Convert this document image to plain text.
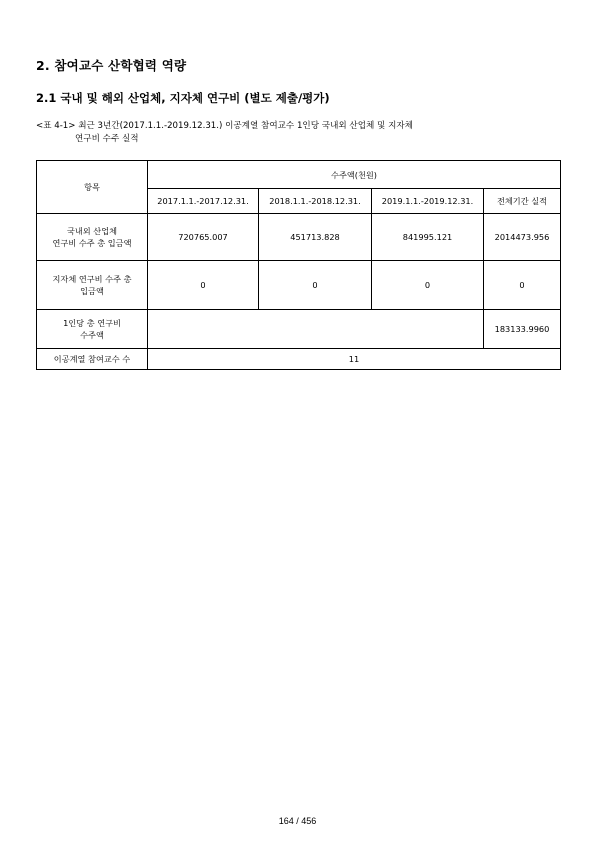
2. 참여교수 산학협력 역량
2.1 국내 및 해외 산업체, 지자체 연구비 (별도 제출/평가)
<표 4-1> 최근 3년간(2017.1.1.-2019.12.31.) 이공계열 참여교수 1인당 국내외 산업체 및 지자체
연구비 수주 실적
항목	수주액(천원)			
	2017.1.1.-2017.12.31.	2018.1.1.-2018.12.31.	2019.1.1.-2019.12.31.	전체기간 실적
국내외 산업체
연구비 수주 총 입금액	720765.007	451713.828	841995.121	2014473.956
지자체 연구비 수주 총
입금액	0	0	0	0
1인당 총 연구비
수주액				183133.9960
이공계열 참여교수 수	11			
164 / 456
